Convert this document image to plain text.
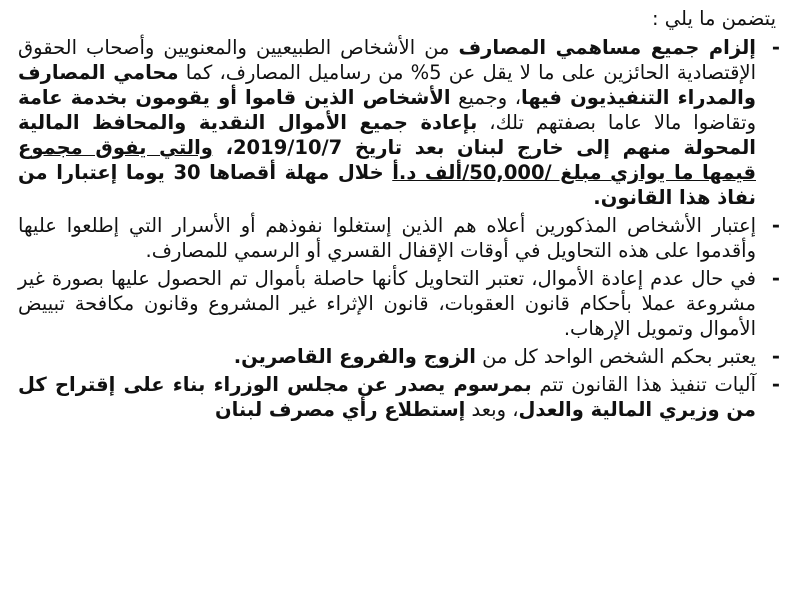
يتضمن ما يلي :
-
إلزام جميع مساهمي المصارف من الأشخاص الطبيعيين والمعنويين وأصحاب الحقوق الإقتصادية الحائزين على ما لا يقل عن 5% من رساميل المصارف، كما محامي المصارف والمدراء التنفيذيون فيها، وجميع الأشخاص الذين قاموا أو يقومون بخدمة عامة وتقاضوا مالا عاما بصفتهم تلك، بإعادة جميع الأموال النقدية والمحافظ المالية المحولة منهم إلى خارج لبنان بعد تاريخ 2019/10/7، والتي يفوق مجموع قيمها ما يوازي مبلغ /50,000/ألف د.أ خلال مهلة أقصاها 30 يوما إعتبارا من نفاذ هذا القانون.
-
إعتبار الأشخاص المذكورين أعلاه هم الذين إستغلوا نفوذهم أو الأسرار التي إطلعوا عليها وأقدموا على هذه التحاويل في أوقات الإقفال القسري أو الرسمي للمصارف.
-
في حال عدم إعادة الأموال، تعتبر التحاويل كأنها حاصلة بأموال تم الحصول عليها بصورة غير مشروعة عملا بأحكام قانون العقوبات، قانون الإثراء غير المشروع وقانون مكافحة تبييض الأموال وتمويل الإرهاب.
-
يعتبر بحكم الشخص الواحد كل من الزوج والفروع القاصرين.
-
آليات تنفيذ هذا القانون تتم بمرسوم يصدر عن مجلس الوزراء بناء على إقتراح كل من وزيري المالية والعدل، وبعد إستطلاع رأي مصرف لبنان
